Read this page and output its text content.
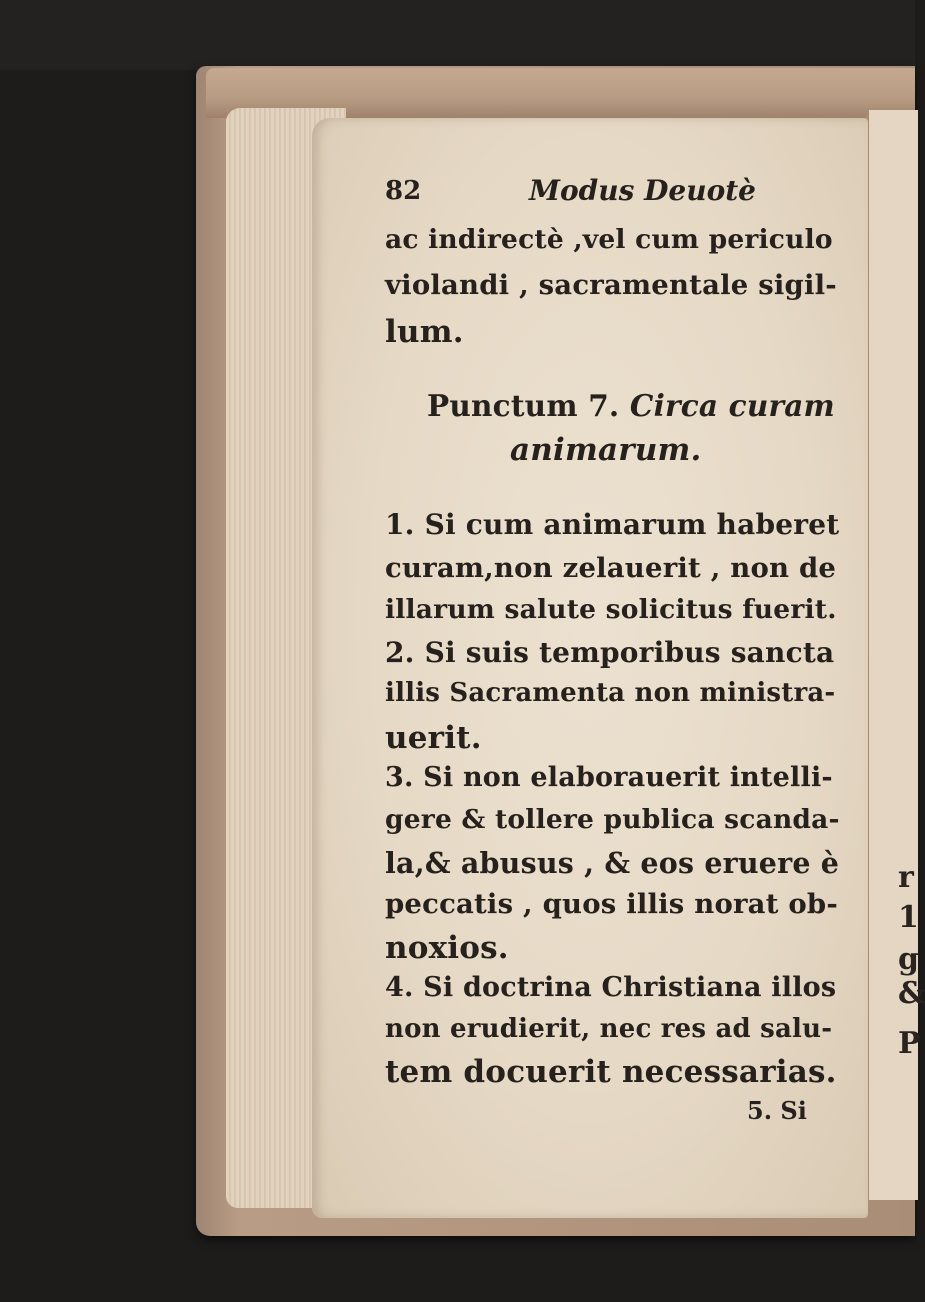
r
1
g
&
P
82	Modus Deuotè
ac indirectè ,vel cum periculo
violandi , sacramentale sigil-
lum.
Punctum 7. Circa curam
animarum.
1. Si cum animarum haberet
curam,non zelauerit , non de
illarum salute solicitus fuerit.
2. Si suis temporibus sancta
illis Sacramenta non ministra-
uerit.
3. Si non elaborauerit intelli-
gere & tollere publica scanda-
la,& abusus , & eos eruere è
peccatis , quos illis norat ob-
noxios.
4. Si doctrina Christiana illos
non erudierit, nec res ad salu-
tem docuerit necessarias.
5. Si
